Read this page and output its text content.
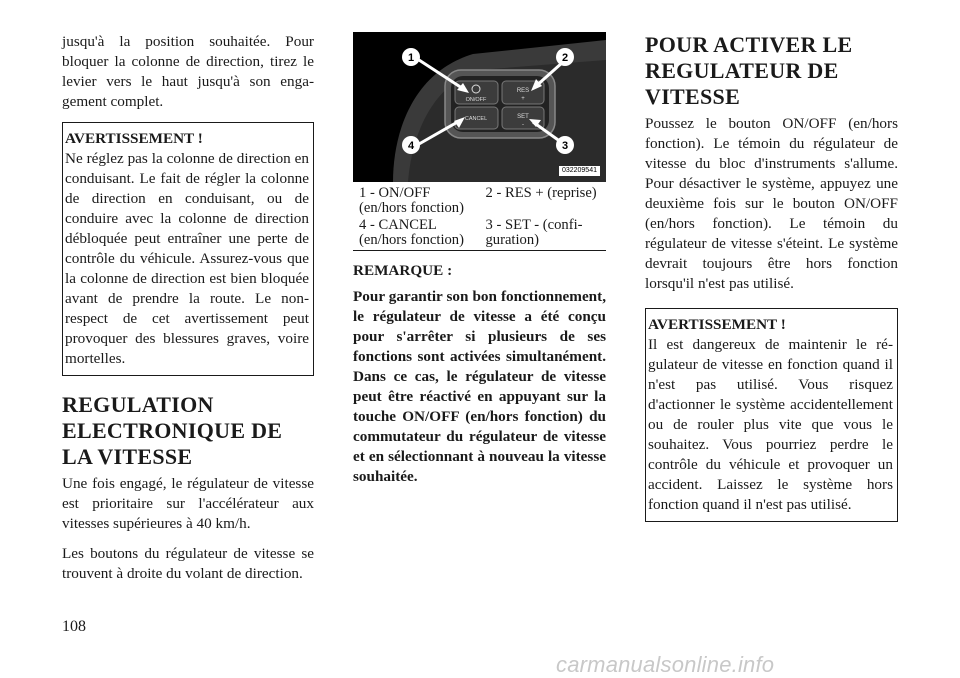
jusqu'à la position souhaitée. Pour bloquer la colonne de direction, tirez le levier vers le haut jusqu'à son engagement complet.

AVERTISSEMENT !

Ne réglez pas la colonne de direction en conduisant. Le fait de régler la colonne de direction en conduisant, ou de conduire avec la colonne de direction débloquée peut entraîner une perte de contrôle du véhicule. Assurez-vous que la colonne de direction est bien bloquée avant de prendre la route. Le non-respect de cet avertissement peut provoquer des blessures graves, voire mortelles.

REGULATION ELECTRONIQUE DE LA VITESSE

Une fois engagé, le régulateur de vitesse est prioritaire sur l'accélérateur aux vitesses supérieures à 40 km/h.

Les boutons du régulateur de vitesse se trouvent à droite du volant de direction.

ON/OFF
RES
+
CANCEL	SET
-
1	2
3
4
032209541
1 - ON/OFF (en/hors fonction)	2 - RES + (reprise)
4 - CANCEL (en/hors fonction)	3 - SET - (configuration)

REMARQUE :

Pour garantir son bon fonctionnement, le régulateur de vitesse a été conçu pour s'arrêter si plusieurs de ses fonctions sont activées simultanément. Dans ce cas, le régulateur de vitesse peut être réactivé en appuyant sur la touche ON/OFF (en/hors fonction) du commutateur du régulateur de vitesse et en sélectionnant à nouveau la vitesse souhaitée.

POUR ACTIVER LE REGULATEUR DE VITESSE

Poussez le bouton ON/OFF (en/hors fonction). Le témoin du régulateur de vitesse du bloc d'instruments s'allume. Pour désactiver le système, appuyez une deuxième fois sur le bouton ON/OFF (en/hors fonction). Le témoin du régulateur de vitesse s'éteint. Le système devrait toujours être hors fonction lorsqu'il n'est pas utilisé.

AVERTISSEMENT !

Il est dangereux de maintenir le régulateur de vitesse en fonction quand il n'est pas utilisé. Vous risquez d'actionner le système accidentellement ou de rouler plus vite que vous le souhaitez. Vous pourriez perdre le contrôle du véhicule et provoquer un accident. Laissez le système hors fonction quand il n'est pas utilisé.

108
carmanualsonline.info
